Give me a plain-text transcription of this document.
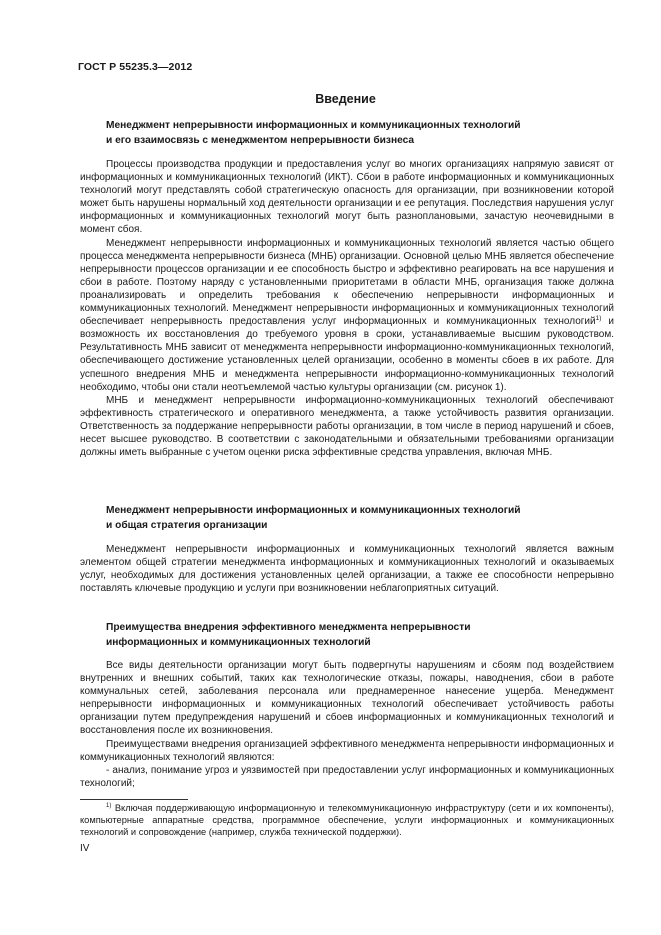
ГОСТ Р 55235.3—2012
Введение
Менеджмент непрерывности информационных и коммуникационных технологий
и его взаимосвязь с менеджментом непрерывности бизнеса

Процессы производства продукции и предоставления услуг во многих организациях напрямую зависят от информационных и коммуникационных технологий (ИКТ). Сбои в работе информационных и коммуникационных технологий могут представлять собой стратегическую опасность для организации, при возникновении которой может быть нарушены нормальный ход деятельности организации и ее репутация. Последствия нарушения услуг информационных и коммуникационных технологий могут быть разноплановыми, зачастую неочевидными в момент сбоя.

Менеджмент непрерывности информационных и коммуникационных технологий является частью общего процесса менеджмента непрерывности бизнеса (МНБ) организации. Основной целью МНБ является обеспечение непрерывности процессов организации и ее способность быстро и эффективно реагировать на все нарушения и сбои в работе. Поэтому наряду с установленными приоритетами в области МНБ, организация также должна проанализировать и определить требования к обеспечению непрерывности информационных и коммуникационных технологий. Менеджмент непрерывности информационных и коммуникационных технологий обеспечивает непрерывность предоставления услуг информационных и коммуникационных технологий$^{1)}$ и возможность их восстановления до требуемого уровня в сроки, устанавливаемые высшим руководством. Результативность МНБ зависит от менеджмента непрерывности информационно-коммуникационных технологий, обеспечивающего достижение установленных целей организации, особенно в моменты сбоев в их работе. Для успешного внедрения МНБ и менеджмента непрерывности информационно-коммуникационных технологий необходимо, чтобы они стали неотъемлемой частью культуры организации (см. рисунок 1).

МНБ и менеджмент непрерывности информационно-коммуникационных технологий обеспечивают эффективность стратегического и оперативного менеджмента, а также устойчивость развития организации. Ответственность за поддержание непрерывности работы организации, в том числе в период нарушений и сбоев, несет высшее руководство. В соответствии с законодательными и обязательными требованиями организации должны иметь выбранные с учетом оценки риска эффективные средства управления, включая МНБ.

Менеджмент непрерывности информационных и коммуникационных технологий
и общая стратегия организации

Менеджмент непрерывности информационных и коммуникационных технологий является важным элементом общей стратегии менеджмента информационных и коммуникационных технологий и оказываемых услуг, необходимых для достижения установленных целей организации, а также ее способности непрерывно поставлять ключевые продукцию и услуги при возникновении неблагоприятных ситуаций.

Преимущества внедрения эффективного менеджмента непрерывности
информационных и коммуникационных технологий

Все виды деятельности организации могут быть подвергнуты нарушениям и сбоям под воздействием внутренних и внешних событий, таких как технологические отказы, пожары, наводнения, сбои в работе коммунальных сетей, заболевания персонала или преднамеренное нанесение ущерба. Менеджмент непрерывности информационных и коммуникационных технологий обеспечивает устойчивость работы организации путем предупреждения нарушений и сбоев информационных и коммуникационных технологий и восстановления после их возникновения.

Преимуществами внедрения организацией эффективного менеджмента непрерывности информационных и коммуникационных технологий являются:

- анализ, понимание угроз и уязвимостей при предоставлении услуг информационных и коммуникационных технологий;

$^{1)}$ Включая поддерживающую информационную и телекоммуникационную инфраструктуру (сети и их компоненты), компьютерные аппаратные средства, программное обеспечение, услуги информационных и коммуникационных технологий и сопровождение (например, служба технической поддержки).
IV
